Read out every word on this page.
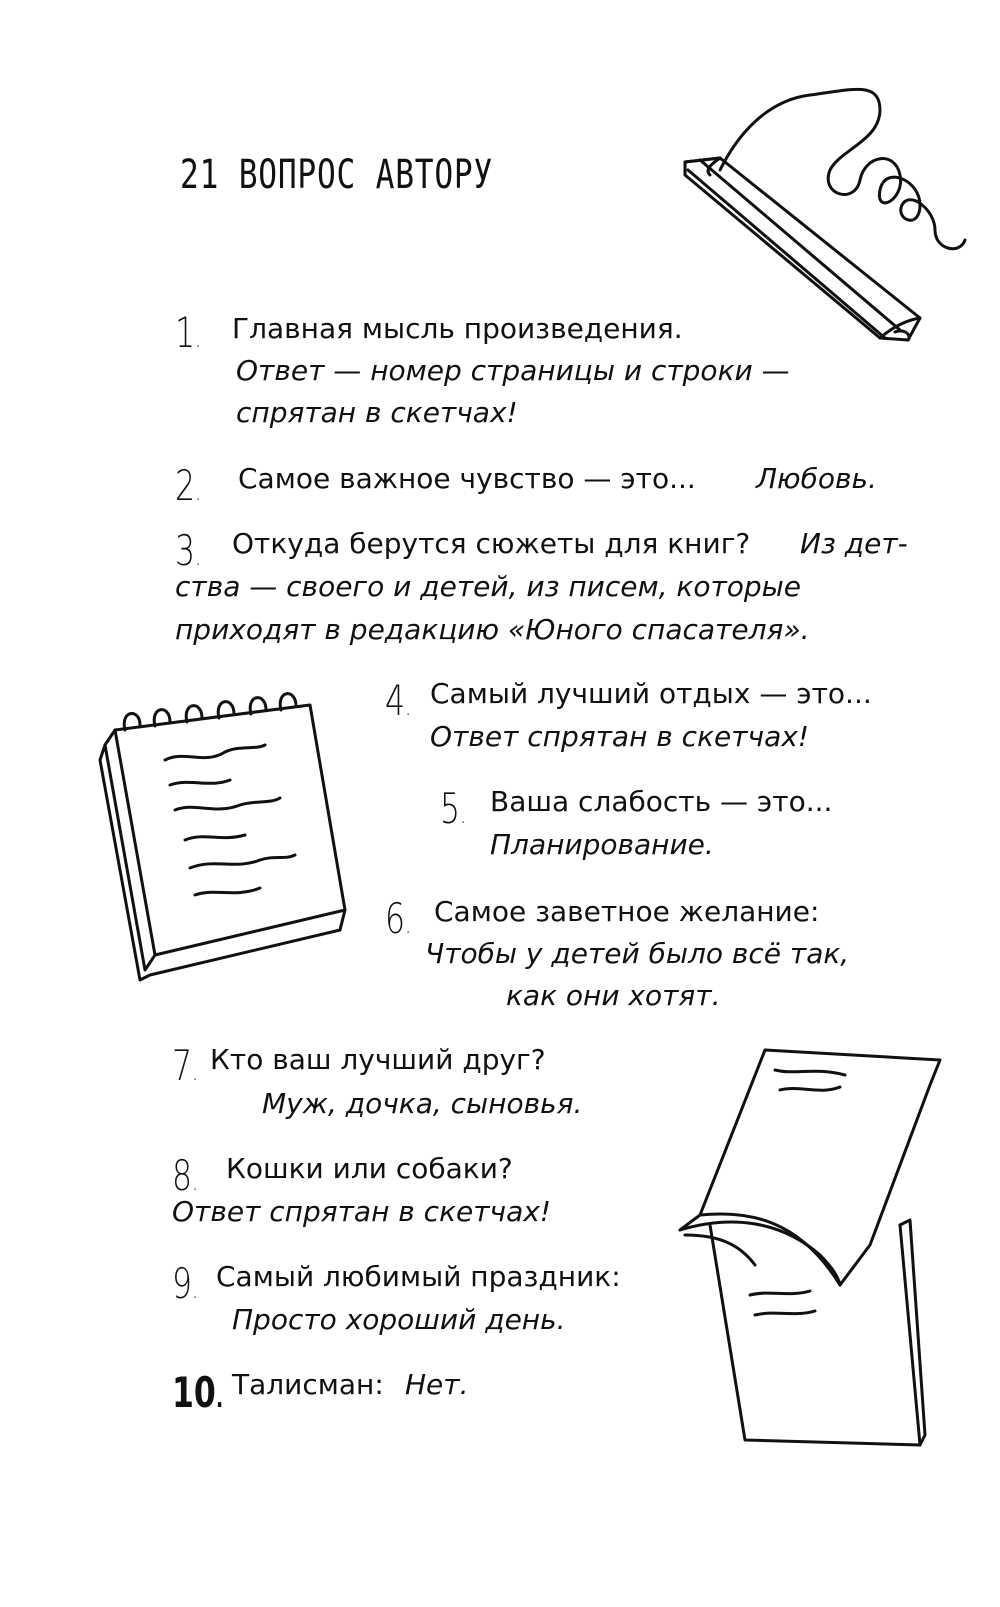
21 ВОПРОС АВТОРУ
1 .	Главная мысль произведения.
Ответ — номер страницы и строки —
спрятан в скетчах!
2 .	Самое важное чувство — это... Любовь.
3 .	Откуда берутся сюжеты для книг? Из дет-
ства — своего и детей, из писем, которые
приходят в редакцию «Юного спасателя».
4 . Самый лучший отдых — это...
Ответ спрятан в скетчах!
5 .	Ваша слабость — это...
Планирование.
6 .	Самое заветное желание:
Чтобы у детей было всё так,
как они хотят.
7 . Кто ваш лучший друг?
Муж, дочка, сыновья.
8 .	Кошки или собаки?
Ответ спрятан в скетчах!
9 . Самый любимый праздник:
Просто хороший день.
10 . Талисман: Нет.
